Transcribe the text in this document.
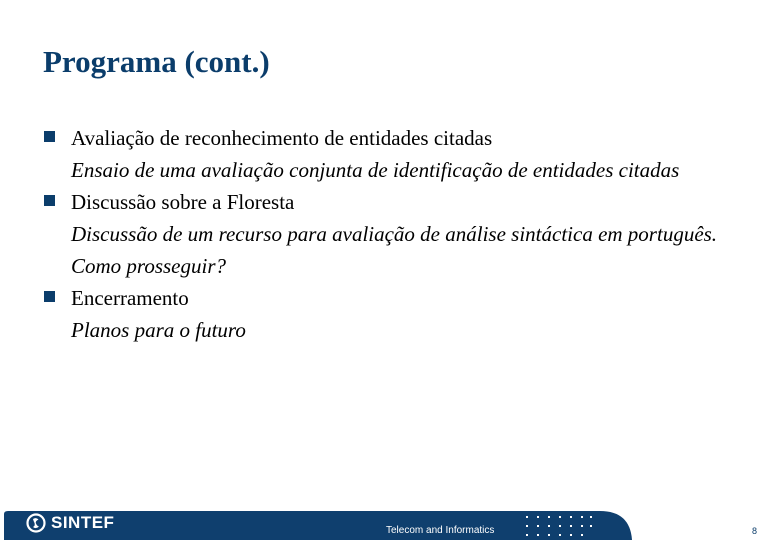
Programa (cont.)
Avaliação de reconhecimento de entidades citadas
Ensaio de uma avaliação conjunta de identificação de entidades citadas
Discussão sobre a Floresta
Discussão de um recurso para avaliação de análise sintáctica em português. Como prosseguir?
Encerramento
Planos para o futuro
SINTEF	Telecom and Informatics	8
